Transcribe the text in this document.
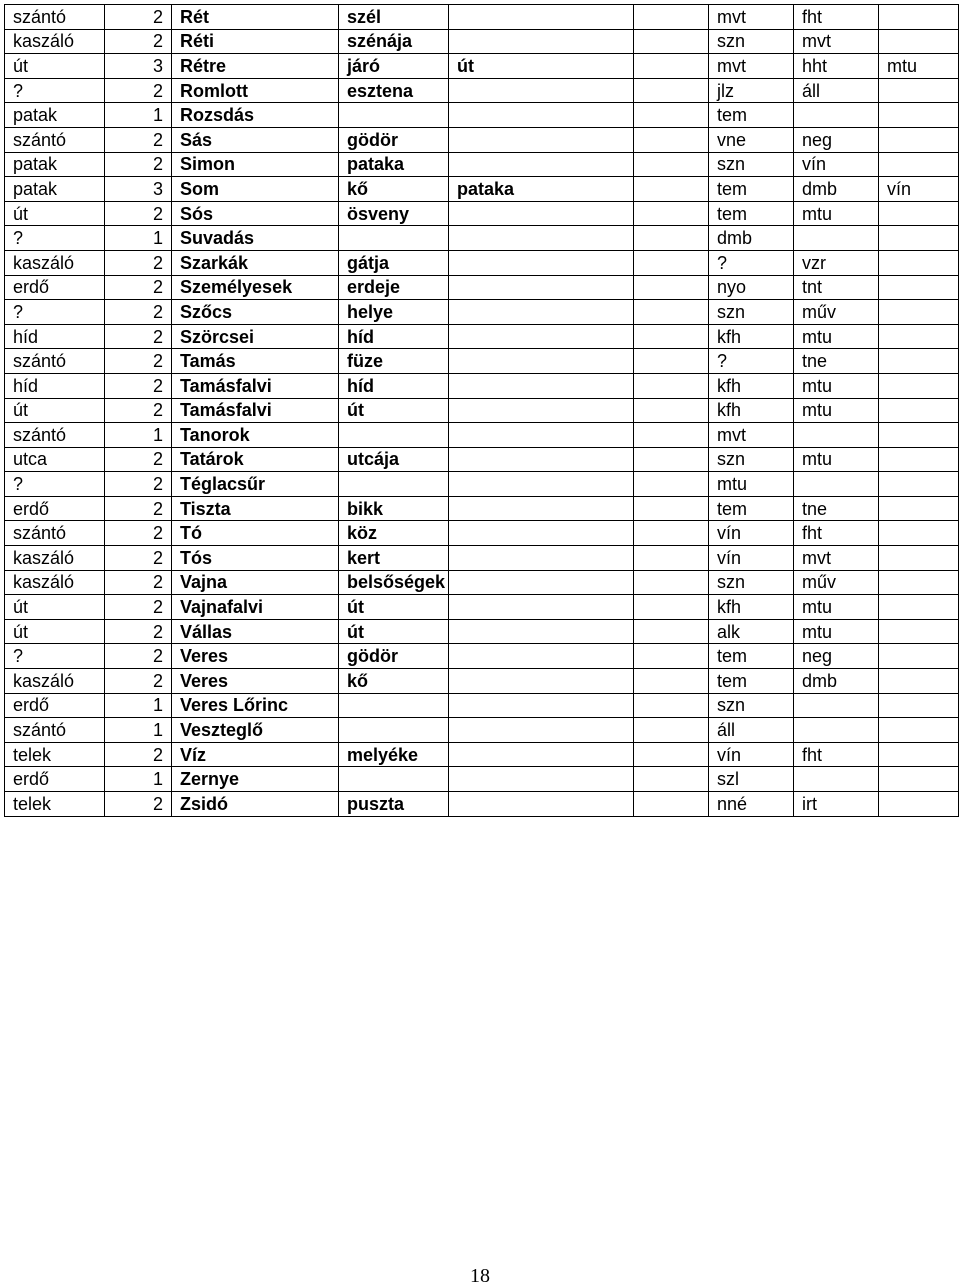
szántó	2	Rét	szél			mvt	fht	
kaszáló	2	Réti	szénája			szn	mvt	
út	3	Rétre	járó	út		mvt	hht	mtu
?	2	Romlott	esztena			jlz	áll	
patak	1	Rozsdás				tem		
szántó	2	Sás	gödör			vne	neg	
patak	2	Simon	pataka			szn	vín	
patak	3	Som	kő	pataka		tem	dmb	vín
út	2	Sós	ösveny			tem	mtu	
?	1	Suvadás				dmb		
kaszáló	2	Szarkák	gátja			?	vzr	
erdő	2	Személyesek	erdeje			nyo	tnt	
?	2	Szőcs	helye			szn	műv	
híd	2	Szörcsei	híd			kfh	mtu	
szántó	2	Tamás	füze			?	tne	
híd	2	Tamásfalvi	híd			kfh	mtu	
út	2	Tamásfalvi	út			kfh	mtu	
szántó	1	Tanorok				mvt		
utca	2	Tatárok	utcája			szn	mtu	
?	2	Téglacsűr				mtu		
erdő	2	Tiszta	bikk			tem	tne	
szántó	2	Tó	köz			vín	fht	
kaszáló	2	Tós	kert			vín	mvt	
kaszáló	2	Vajna	belsőségek			szn	műv	
út	2	Vajnafalvi	út			kfh	mtu	
út	2	Vállas	út			alk	mtu	
?	2	Veres	gödör			tem	neg	
kaszáló	2	Veres	kő			tem	dmb	
erdő	1	Veres Lőrinc				szn		
szántó	1	Veszteglő				áll		
telek	2	Víz	melyéke			vín	fht	
erdő	1	Zernye				szl		
telek	2	Zsidó	puszta			nné	irt	
18
